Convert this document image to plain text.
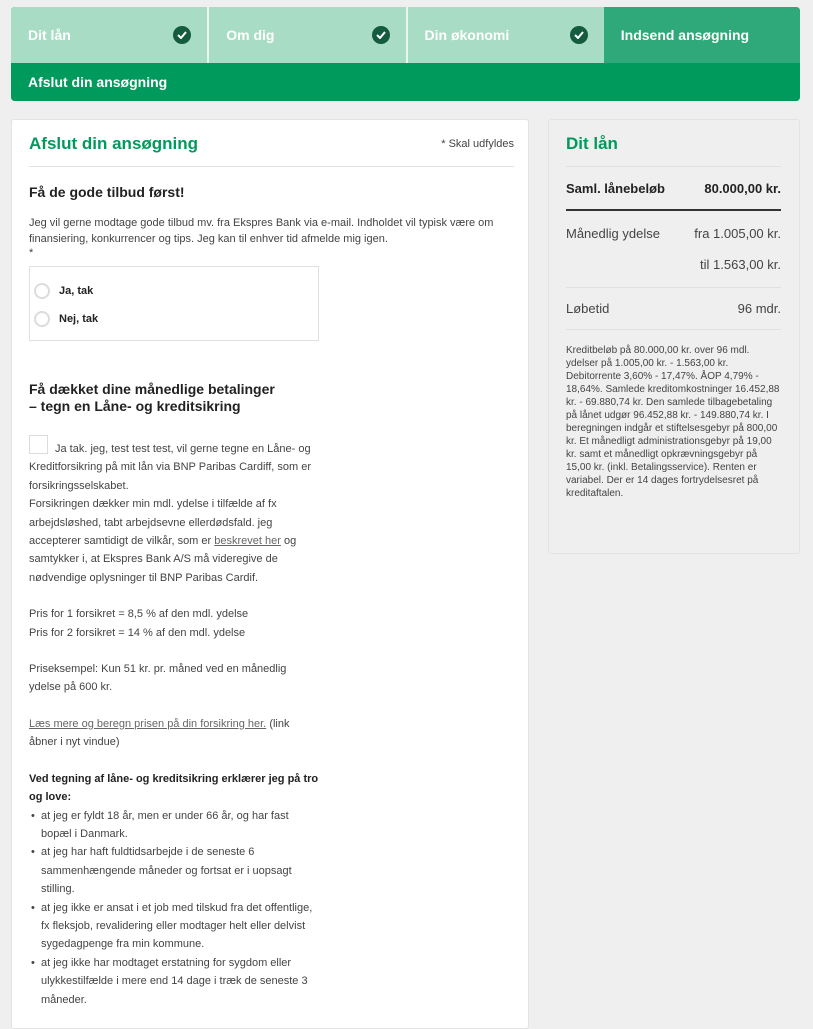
Dit lån	Om dig	Din økonomi	Indsend ansøgning
Afslut din ansøgning
Afslut din ansøgning	* Skal udfyldes
Få de gode tilbud først!
Jeg vil gerne modtage gode tilbud mv. fra Ekspres Bank via e-mail. Indholdet vil typisk være om finansiering, konkurrencer og tips. Jeg kan til enhver tid afmelde mig igen.
*
Ja, tak
Nej, tak
Få dækket dine månedlige betalinger
– tegn en Låne- og kreditsikring

Ja tak. jeg, test test test, vil gerne tegne en Låne- og Kreditforsikring på mit lån via BNP Paribas Cardiff, som er forsikringsselskabet.
Forsikringen dækker min mdl. ydelse i tilfælde af fx arbejdsløshed, tabt arbejdsevne ellerdødsfald. jeg accepterer samtidigt de vilkår, som er beskrevet her og samtykker i, at Ekspres Bank A/S må videregive de nødvendige oplysninger til BNP Paribas Cardif.

Pris for 1 forsikret = 8,5 % af den mdl. ydelse
Pris for 2 forsikret = 14 % af den mdl. ydelse

Priseksempel: Kun 51 kr. pr. måned ved en månedlig ydelse på 600 kr.

Læs mere og beregn prisen på din forsikring her. (link åbner i nyt vindue)

Ved tegning af låne- og kreditsikring erklærer jeg på tro og love:

• at jeg er fyldt 18 år, men er under 66 år, og har fast bopæl i Danmark.
• at jeg har haft fuldtidsarbejde i de seneste 6 sammenhængende måneder og fortsat er i uopsagt stilling.
• at jeg ikke er ansat i et job med tilskud fra det offentlige, fx fleksjob, revalidering eller modtager helt eller delvist sygedagpenge fra min kommune.
• at jeg ikke har modtaget erstatning for sygdom eller ulykkestilfælde i mere end 14 dage i træk de seneste 3 måneder.
Dit lån
Saml. lånebeløb	80.000,00 kr.
Månedlig ydelse	fra 1.005,00 kr.
til 1.563,00 kr.
Løbetid	96 mdr.
Kreditbeløb på 80.000,00 kr. over 96 mdl. ydelser på 1.005,00 kr. - 1.563,00 kr. Debitorrente 3,60% - 17,47%. ÅOP 4,79% - 18,64%. Samlede kreditomkostninger 16.452,88 kr. - 69.880,74 kr. Den samlede tilbagebetaling på lånet udgør 96.452,88 kr. - 149.880,74 kr. I beregningen indgår et stiftelsesgebyr på 800,00 kr. Et månedligt administrationsgebyr på 19,00 kr. samt et månedligt opkrævningsgebyr på 15,00 kr. (inkl. Betalingsservice). Renten er variabel. Der er 14 dages fortrydelsesret på kreditaftalen.
